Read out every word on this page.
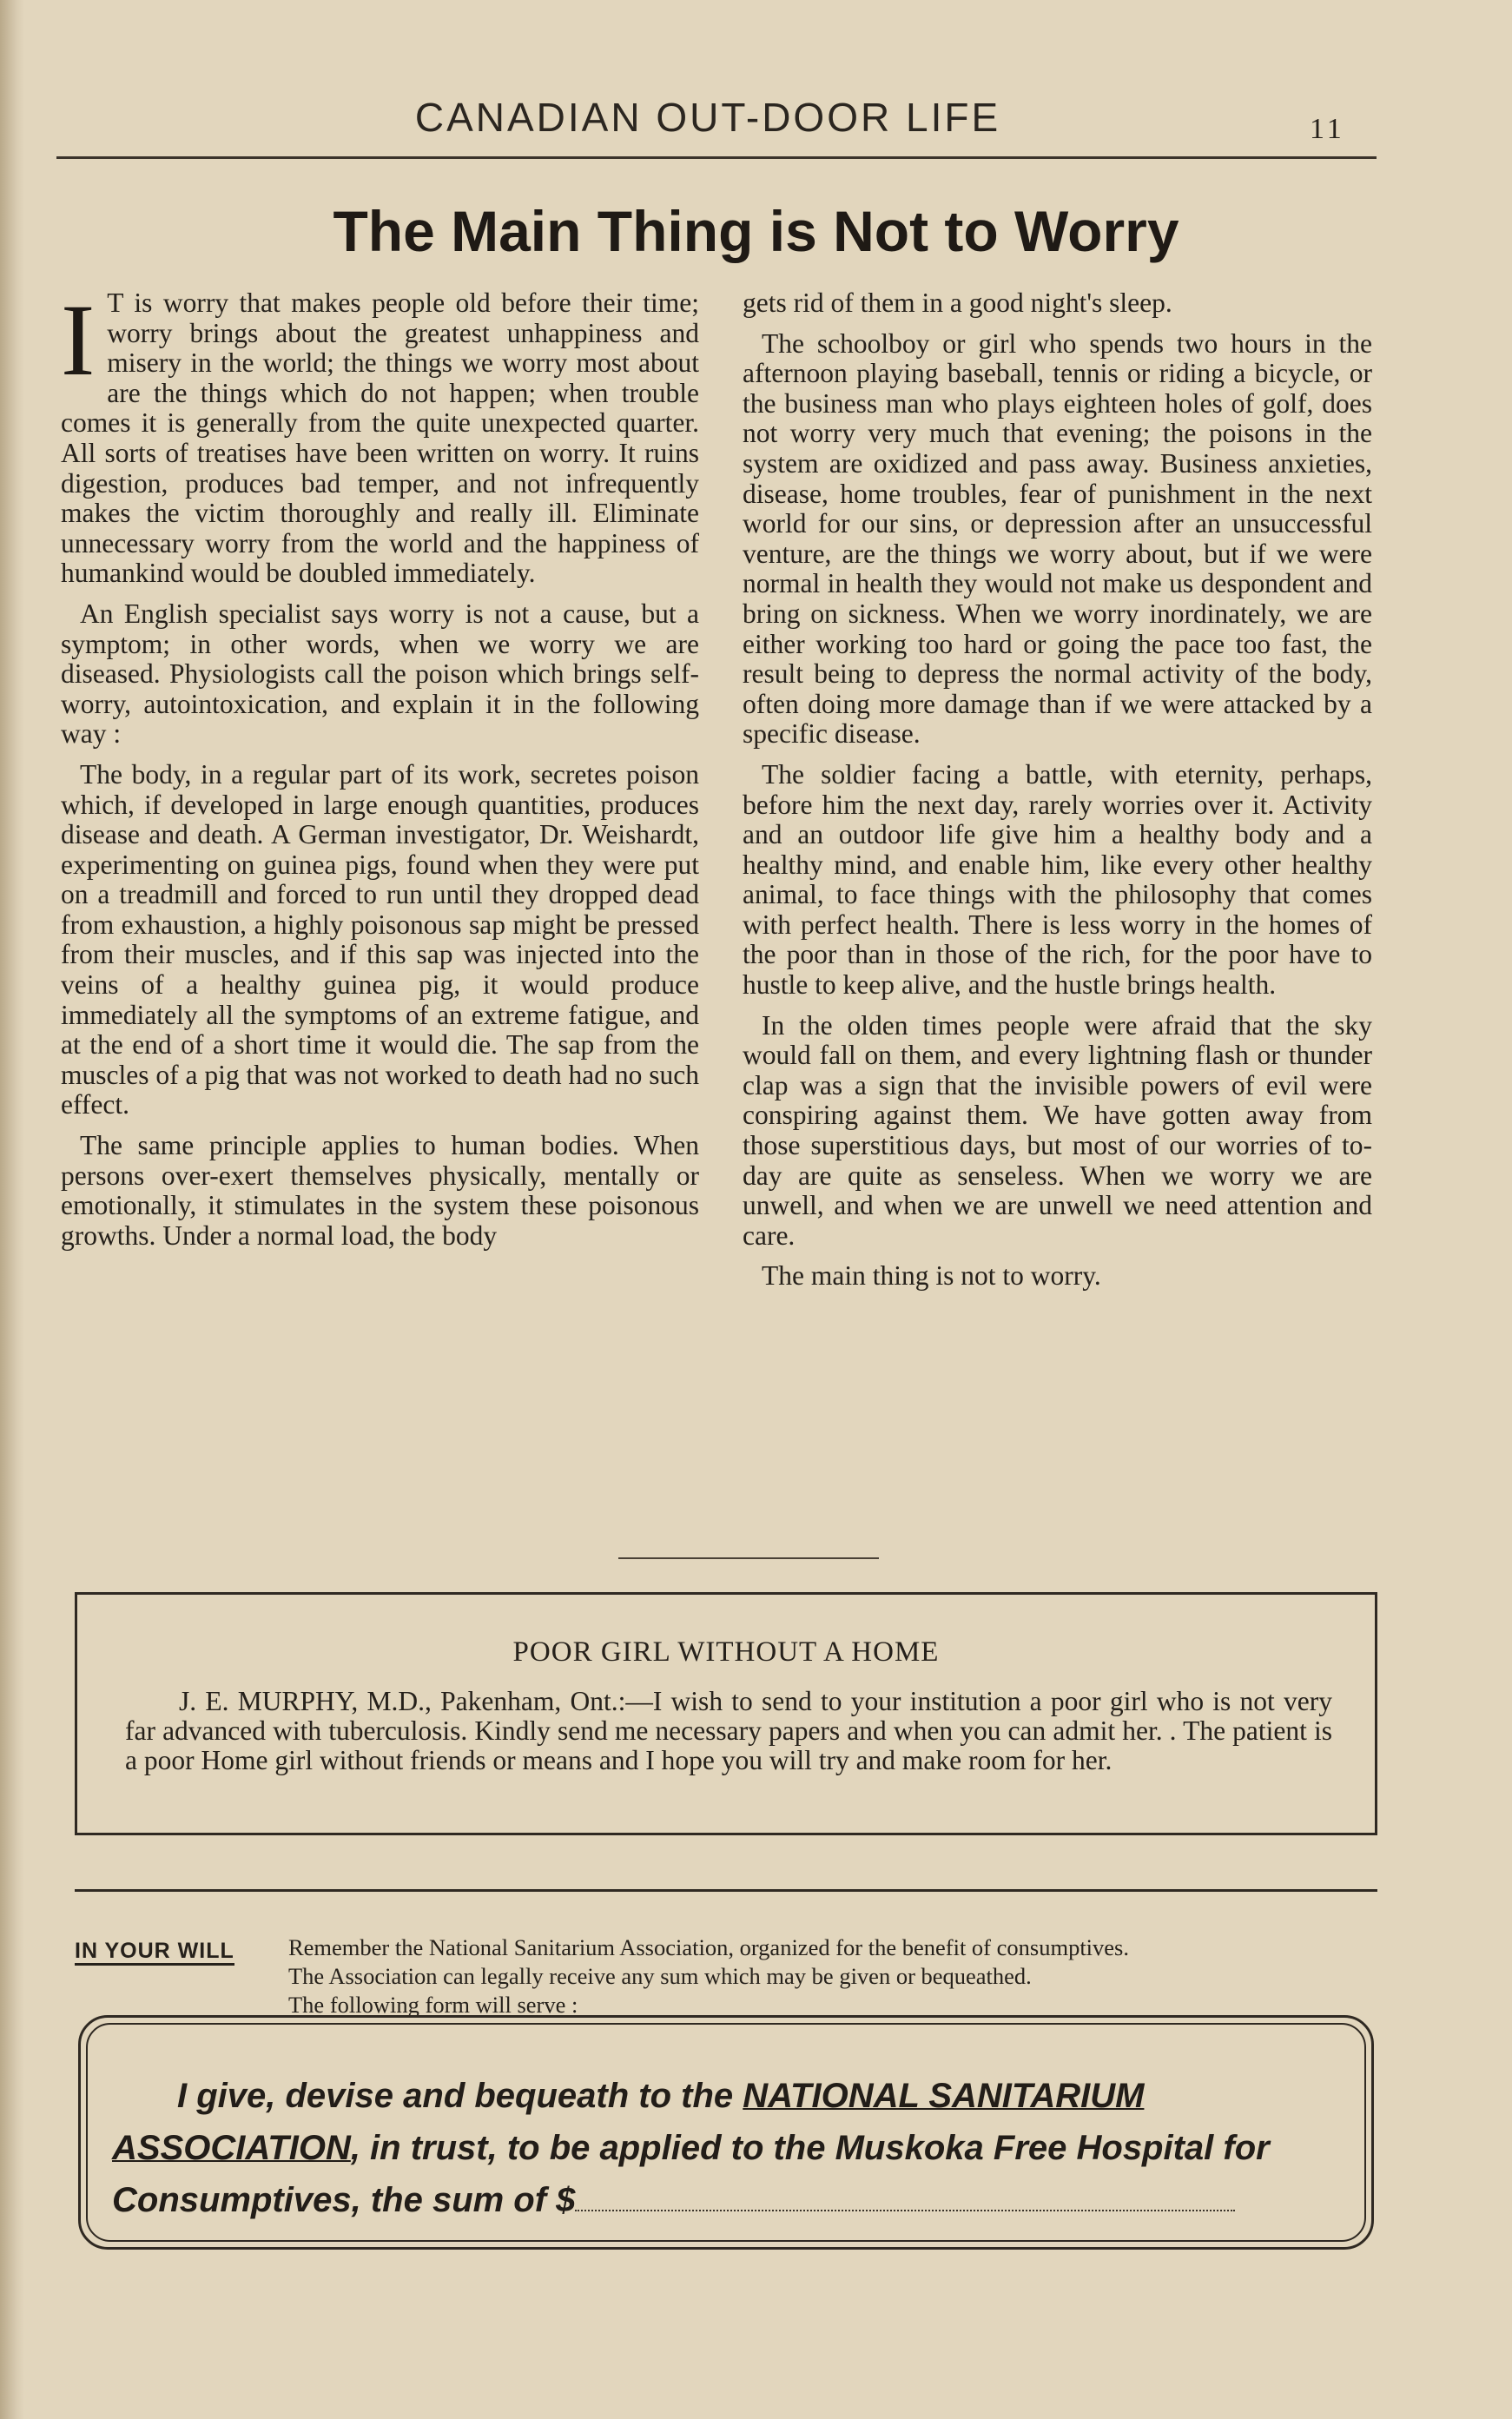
CANADIAN OUT-DOOR LIFE	11
The Main Thing is Not to Worry

I T is worry that makes people old before their time; worry brings about the greatest unhappiness and misery in the world; the things we worry most about are the things which do not happen; when trouble comes it is generally from the quite unexpected quarter. All sorts of treatises have been written on worry. It ruins digestion, produces bad temper, and not infrequently makes the victim thoroughly and really ill. Eliminate unnecessary worry from the world and the happiness of humankind would be doubled immediately.

An English specialist says worry is not a cause, but a symptom; in other words, when we worry we are diseased. Physiologists call the poison which brings self-worry, autointoxication, and explain it in the following way :

The body, in a regular part of its work, secretes poison which, if developed in large enough quantities, produces disease and death. A German investigator, Dr. Weishardt, experimenting on guinea pigs, found when they were put on a treadmill and forced to run until they dropped dead from exhaustion, a highly poisonous sap might be pressed from their muscles, and if this sap was injected into the veins of a healthy guinea pig, it would produce immediately all the symptoms of an extreme fatigue, and at the end of a short time it would die. The sap from the muscles of a pig that was not worked to death had no such effect.

The same principle applies to human bodies. When persons over-exert themselves physically, mentally or emotionally, it stimulates in the system these poisonous growths. Under a normal load, the body

gets rid of them in a good night's sleep.

The schoolboy or girl who spends two hours in the afternoon playing baseball, tennis or riding a bicycle, or the business man who plays eighteen holes of golf, does not worry very much that evening; the poisons in the system are oxidized and pass away. Business anxieties, disease, home troubles, fear of punishment in the next world for our sins, or depression after an unsuccessful venture, are the things we worry about, but if we were normal in health they would not make us despondent and bring on sickness. When we worry inordinately, we are either working too hard or going the pace too fast, the result being to depress the normal activity of the body, often doing more damage than if we were attacked by a specific disease.

The soldier facing a battle, with eternity, perhaps, before him the next day, rarely worries over it. Activity and an outdoor life give him a healthy body and a healthy mind, and enable him, like every other healthy animal, to face things with the philosophy that comes with perfect health. There is less worry in the homes of the poor than in those of the rich, for the poor have to hustle to keep alive, and the hustle brings health.

In the olden times people were afraid that the sky would fall on them, and every lightning flash or thunder clap was a sign that the invisible powers of evil were conspiring against them. We have gotten away from those superstitious days, but most of our worries of to-day are quite as senseless. When we worry we are unwell, and when we are unwell we need attention and care.

The main thing is not to worry.

POOR GIRL WITHOUT A HOME
J. E. MURPHY, M.D., Pakenham, Ont.:—I wish to send to your institution a poor girl who is not very far advanced with tuberculosis. Kindly send me necessary papers and when you can admit her. . The patient is a poor Home girl without friends or means and I hope you will try and make room for her.
IN YOUR WILL Remember the National Sanitarium Association, organized for the benefit of consumptives.
The Association can legally receive any sum which may be given or bequeathed.
The following form will serve :
I give, devise and bequeath to the NATIONAL SANITARIUM ASSOCIATION, in trust, to be applied to the Muskoka Free Hospital for Consumptives, the sum of $
